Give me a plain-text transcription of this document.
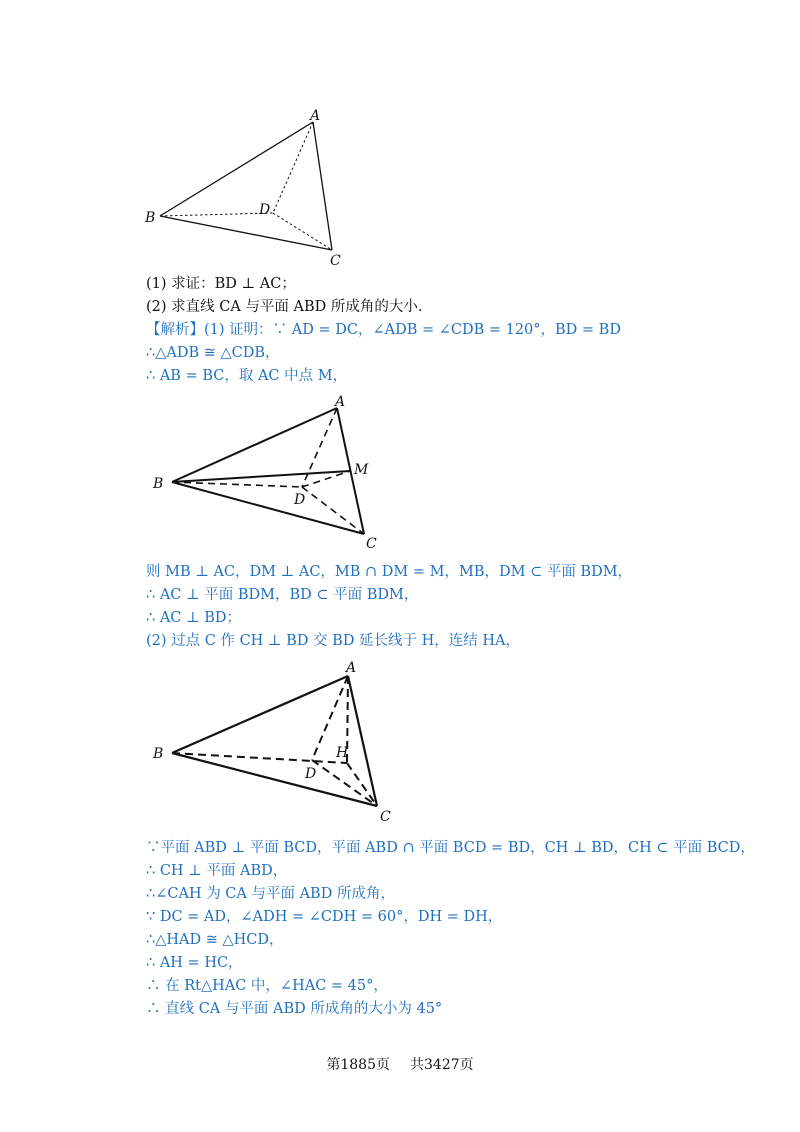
A
B
C
D
(1) 求证：BD ⊥ AC；
(2) 求直线 CA 与平面 ABD 所成角的大小.
【解析】(1) 证明：∵ AD = DC，∠ADB = ∠CDB = 120°，BD = BD
∴△ADB ≅ △CDB，
∴ AB = BC，取 AC 中点 M，
A
B
C
D
M
则 MB ⊥ AC，DM ⊥ AC，MB ∩ DM = M，MB，DM ⊂ 平面 BDM，
∴ AC ⊥ 平面 BDM，BD ⊂ 平面 BDM，
∴ AC ⊥ BD；
(2) 过点 C 作 CH ⊥ BD 交 BD 延长线于 H，连结 HA，
A
B
C
D
H
∵平面 ABD ⊥ 平面 BCD，平面 ABD ∩ 平面 BCD = BD，CH ⊥ BD，CH ⊂ 平面 BCD，
∴ CH ⊥ 平面 ABD，
∴∠CAH 为 CA 与平面 ABD 所成角，
∵ DC = AD，∠ADH = ∠CDH = 60°，DH = DH，
∴△HAD ≅ △HCD，
∴ AH = HC，
∴ 在 Rt△HAC 中，∠HAC = 45°，
∴ 直线 CA 与平面 ABD 所成角的大小为 45°
第1885页 共3427页
